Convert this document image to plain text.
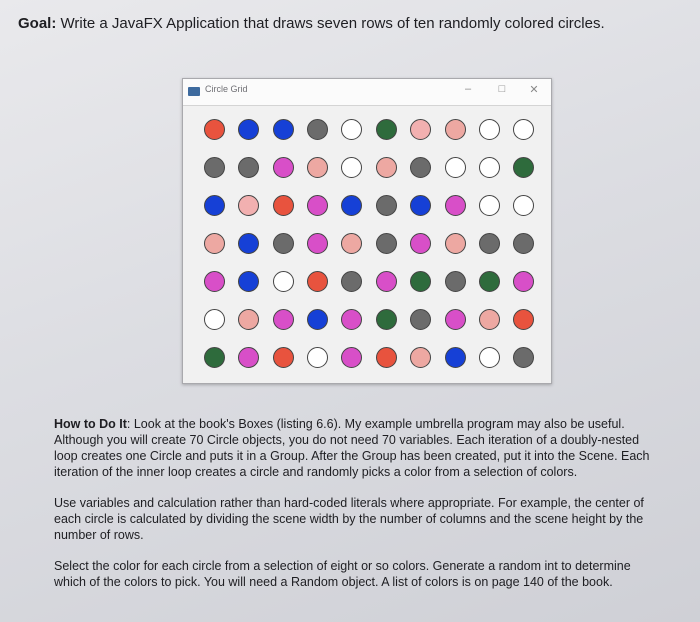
Goal: Write a JavaFX Application that draws seven rows of ten randomly colored circles.
Circle Grid	–	□	✕

How to Do It: Look at the book's Boxes (listing 6.6). My example umbrella program may also be useful. Although you will create 70 Circle objects, you do not need 70 variables. Each iteration of a doubly-nested loop creates one Circle and puts it in a Group. After the Group has been created, put it into the Scene. Each iteration of the inner loop creates a circle and randomly picks a color from a selection of colors.

Use variables and calculation rather than hard-coded literals where appropriate. For example, the center of each circle is calculated by dividing the scene width by the number of columns and the scene height by the number of rows.

Select the color for each circle from a selection of eight or so colors. Generate a random int to determine which of the colors to pick. You will need a Random object. A list of colors is on page 140 of the book.
